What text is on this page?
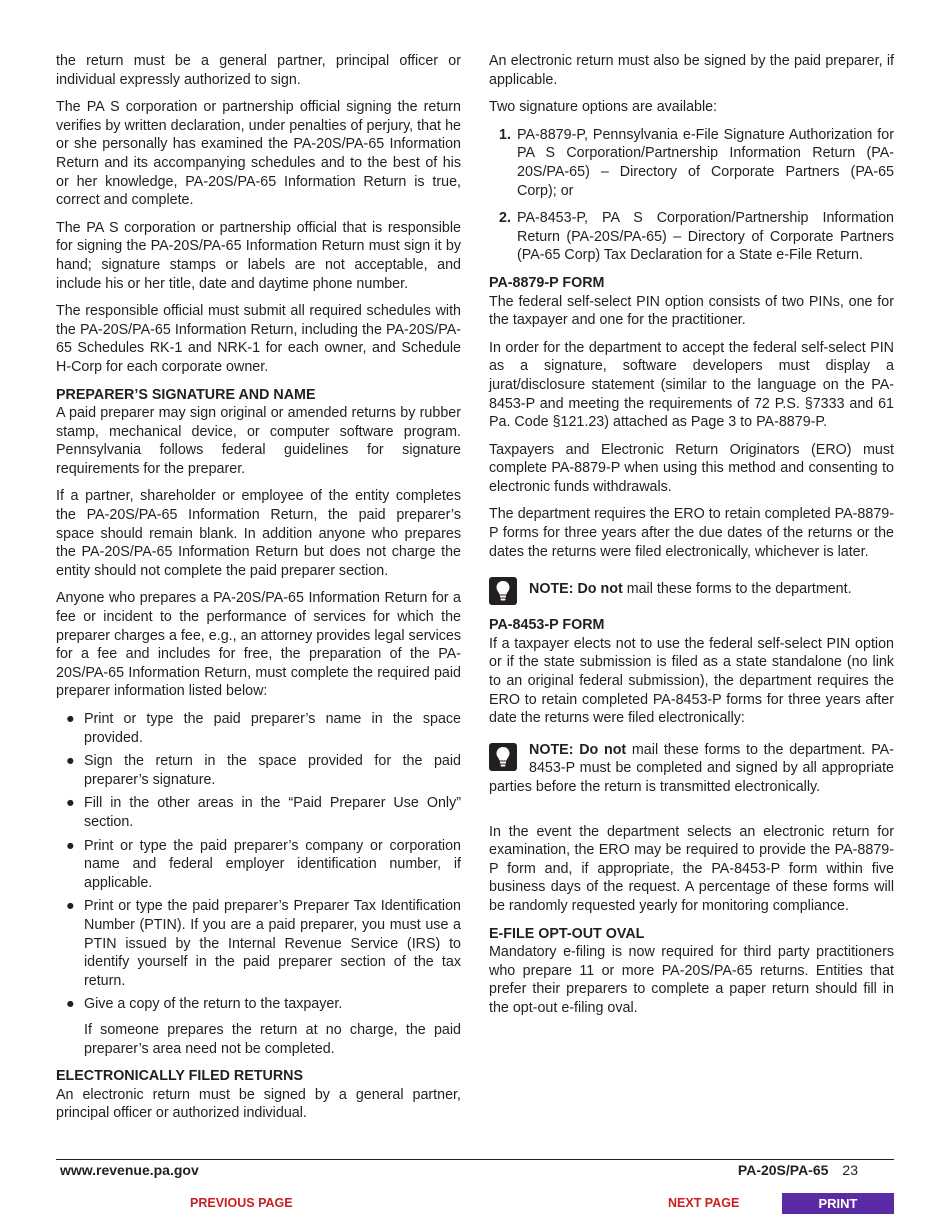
the return must be a general partner, principal officer or individual expressly authorized to sign.

The PA S corporation or partnership official signing the return verifies by written declaration, under penalties of perjury, that he or she personally has examined the PA-20S/PA-65 Information Return and its accompanying schedules and to the best of his or her knowledge, PA-20S/PA-65 Information Return is true, correct and complete.

The PA S corporation or partnership official that is responsible for signing the PA-20S/PA-65 Information Return must sign it by hand; signature stamps or labels are not acceptable, and include his or her title, date and daytime phone number.

The responsible official must submit all required schedules with the PA-20S/PA-65 Information Return, including the PA-20S/PA-65 Schedules RK-1 and NRK-1 for each owner, and Schedule H-Corp for each corporate owner.

PREPARER’S SIGNATURE AND NAME

A paid preparer may sign original or amended returns by rubber stamp, mechanical device, or computer software program. Pennsylvania follows federal guidelines for signature requirements for the preparer.

If a partner, shareholder or employee of the entity completes the PA-20S/PA-65 Information Return, the paid preparer’s space should remain blank. In addition anyone who prepares the PA-20S/PA-65 Information Return but does not charge the entity should not complete the paid preparer section.

Anyone who prepares a PA-20S/PA-65 Information Return for a fee or incident to the performance of services for which the preparer charges a fee, e.g., an attorney provides legal services for a fee and includes for free, the preparation of the PA-20S/PA-65 Information Return, must complete the required paid preparer information listed below:

● Print or type the paid preparer’s name in the space provided.
● Sign the return in the space provided for the paid preparer’s signature.
● Fill in the other areas in the “Paid Preparer Use Only” section.
● Print or type the paid preparer’s company or corporation name and federal employer identification number, if applicable.
● Print or type the paid preparer’s Preparer Tax Identification Number (PTIN). If you are a paid preparer, you must use a PTIN issued by the Internal Revenue Service (IRS) to identify yourself in the paid preparer section of the tax return.
● Give a copy of the return to the taxpayer.

If someone prepares the return at no charge, the paid preparer’s area need not be completed.

ELECTRONICALLY FILED RETURNS

An electronic return must be signed by a general partner, principal officer or authorized individual.

An electronic return must also be signed by the paid preparer, if applicable.

Two signature options are available:

1. PA-8879-P, Pennsylvania e-File Signature Authorization for PA S Corporation/Partnership Information Return (PA-20S/PA-65) – Directory of Corporate Partners (PA-65 Corp); or
2. PA-8453-P, PA S Corporation/Partnership Information Return (PA-20S/PA-65) – Directory of Corporate Partners (PA-65 Corp) Tax Declaration for a State e-File Return.
PA-8879-P FORM

The federal self-select PIN option consists of two PINs, one for the taxpayer and one for the practitioner.

In order for the department to accept the federal self-select PIN as a signature, software developers must display a jurat/disclosure statement (similar to the language on the PA-8453-P and meeting the requirements of 72 P.S. §7333 and 61 Pa. Code §121.23) attached as Page 3 to PA-8879-P.

Taxpayers and Electronic Return Originators (ERO) must complete PA-8879-P when using this method and consenting to electronic funds withdrawals.

The department requires the ERO to retain completed PA-8879-P forms for three years after the due dates of the returns or the dates the returns were filed electronically, whichever is later.

NOTE: Do not mail these forms to the department.

PA-8453-P FORM

If a taxpayer elects not to use the federal self-select PIN option or if the state submission is filed as a state standalone (no link to an original federal submission), the department requires the ERO to retain completed PA-8453-P forms for three years after date the returns were filed electronically:

NOTE: Do not mail these forms to the department. PA-8453-P must be completed and signed by all appropriate parties before the return is transmitted electronically.

In the event the department selects an electronic return for examination, the ERO may be required to provide the PA-8879-P form and, if appropriate, the PA-8453-P form within five business days of the request. A percentage of these forms will be randomly requested yearly for monitoring compliance.

E-FILE OPT-OUT OVAL

Mandatory e-filing is now required for third party practitioners who prepare 11 or more PA-20S/PA-65 returns. Entities that prefer their preparers to complete a paper return should fill in the opt-out e-filing oval.

www.revenue.pa.gov	PA-20S/PA-65 23
PREVIOUS PAGE	NEXT PAGE	PRINT
